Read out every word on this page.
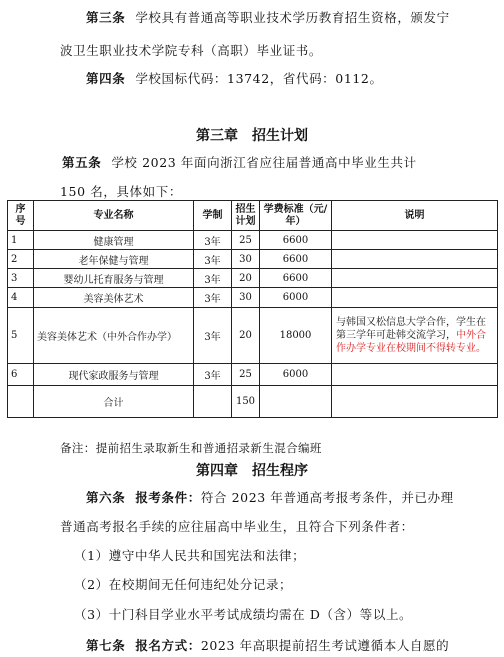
第三条 学校具有普通高等职业技术学历教育招生资格，颁发宁
波卫生职业技术学院专科（高职）毕业证书。
第四条 学校国标代码：13742，省代码：0112。
第三章　招生计划
第五条 学校 2023 年面向浙江省应往届普通高中毕业生共计
150 名，具体如下：
序号	专业名称	学制	招生计划	学费标准（元/年）	说明
1	健康管理	3年	25	6600	
2	老年保健与管理	3年	30	6600	
3	婴幼儿托育服务与管理	3年	20	6600	
4	美容美体艺术	3年	30	6000	
5	美容美体艺术（中外合作办学）	3年	20	18000	与韩国又松信息大学合作，学生在第三学年可赴韩交流学习，中外合作办学专业在校期间不得转专业。
6	现代家政服务与管理	3年	25	6000	
	合计		150		
备注：提前招生录取新生和普通招录新生混合编班
第四章　招生程序
第六条 报考条件：符合 2023 年普通高考报考条件，并已办理
普通高考报名手续的应往届高中毕业生，且符合下列条件者：
（1）遵守中华人民共和国宪法和法律；
（2）在校期间无任何违纪处分记录；
（3）十门科目学业水平考试成绩均需在 D（含）等以上。
第七条 报名方式：2023 年高职提前招生考试遵循本人自愿的
